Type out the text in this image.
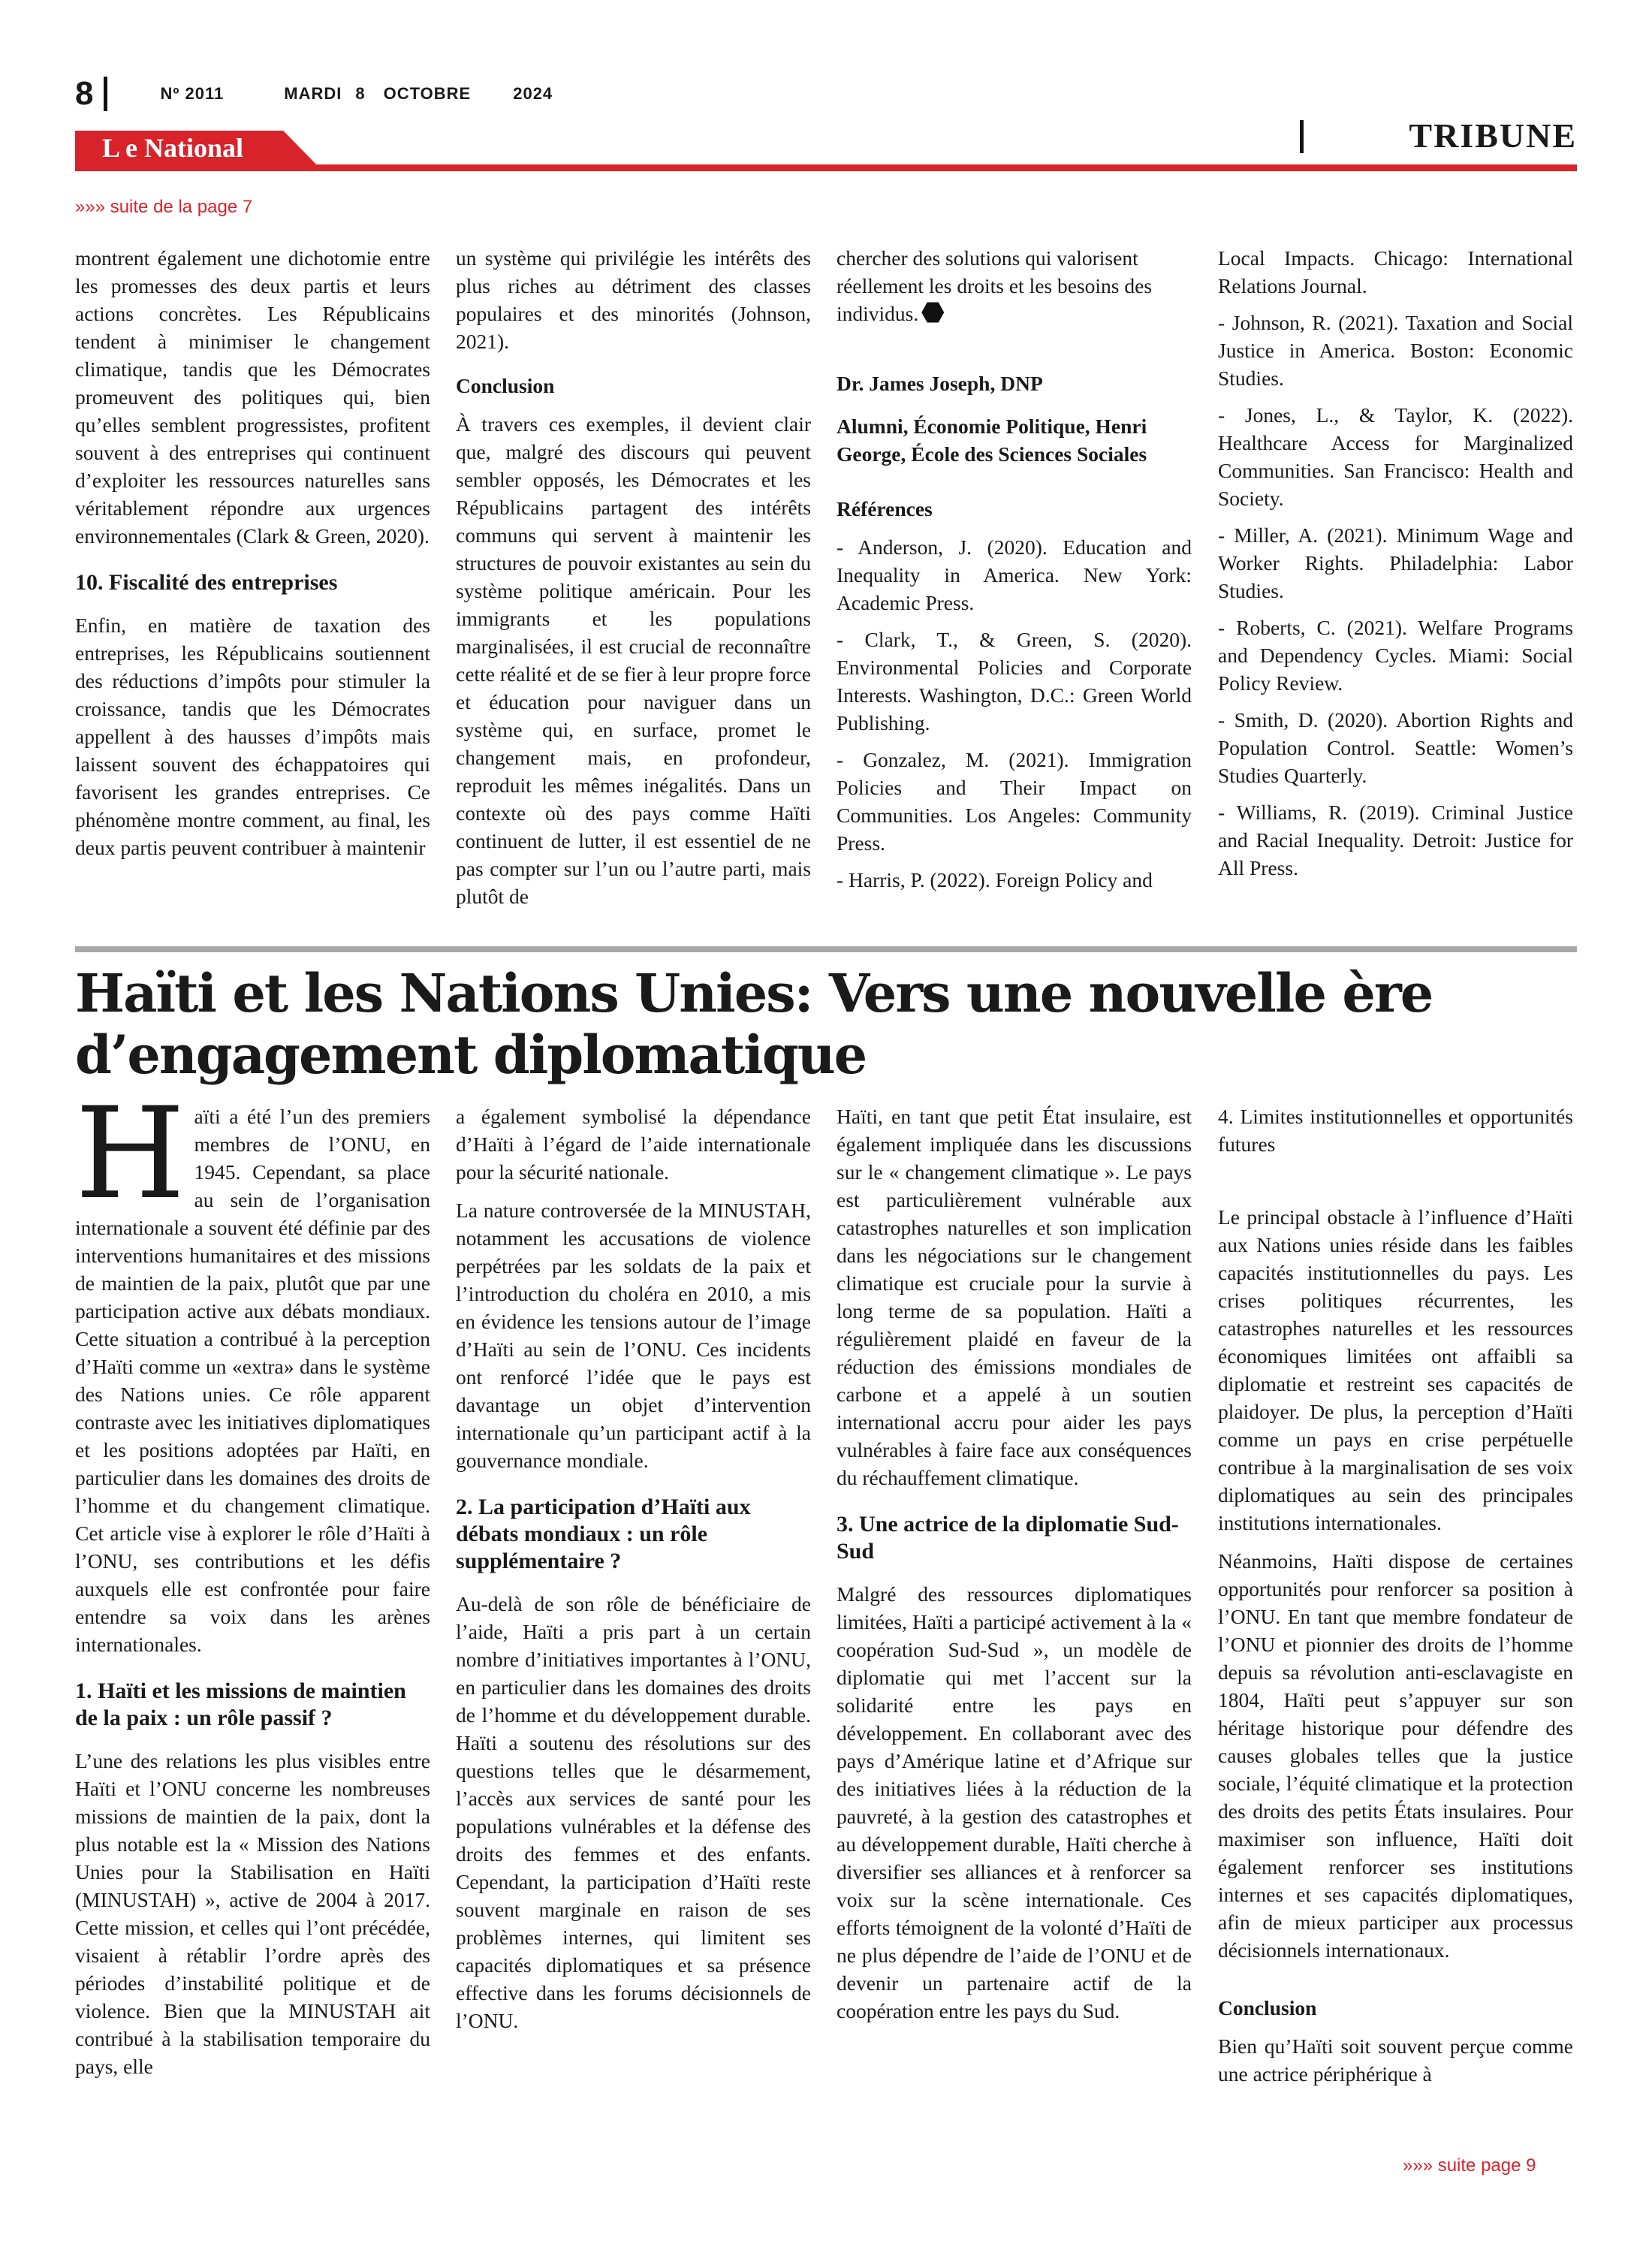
8	Nº 2011	MARDI 8 OCTOBRE	2024
L e National	TRIBUNE
»»» suite de la page 7

montrent également une dichotomie entre les promesses des deux partis et leurs actions concrètes. Les Républicains tendent à minimiser le changement climatique, tandis que les Démocrates promeuvent des politiques qui, bien qu’elles semblent progressistes, profitent souvent à des entreprises qui continuent d’exploiter les ressources naturelles sans véritablement répondre aux urgences environnementales (Clark & Green, 2020).

10. Fiscalité des entreprises

Enfin, en matière de taxation des entreprises, les Républicains soutiennent des réductions d’impôts pour stimuler la croissance, tandis que les Démocrates appellent à des hausses d’impôts mais laissent souvent des échappatoires qui favorisent les grandes entreprises. Ce phénomène montre comment, au final, les deux partis peuvent contribuer à maintenir

un système qui privilégie les intérêts des plus riches au détriment des classes populaires et des minorités (Johnson, 2021).

Conclusion

À travers ces exemples, il devient clair que, malgré des discours qui peuvent sembler opposés, les Démocrates et les Républicains partagent des intérêts communs qui servent à maintenir les structures de pouvoir existantes au sein du système politique américain. Pour les immigrants et les populations marginalisées, il est crucial de reconnaître cette réalité et de se fier à leur propre force et éducation pour naviguer dans un système qui, en surface, promet le changement mais, en profondeur, reproduit les mêmes inégalités. Dans un contexte où des pays comme Haïti continuent de lutter, il est essentiel de ne pas compter sur l’un ou l’autre parti, mais plutôt de

chercher des solutions qui valorisent réellement les droits et les besoins des individus.

Dr. James Joseph, DNP

Alumni, Économie Politique, Henri George, École des Sciences Sociales

Références

- Anderson, J. (2020). Education and Inequality in America. New York: Academic Press.

- Clark, T., & Green, S. (2020). Environmental Policies and Corporate Interests. Washington, D.C.: Green World Publishing.

- Gonzalez, M. (2021). Immigration Policies and Their Impact on Communities. Los Angeles: Community Press.

- Harris, P. (2022). Foreign Policy and

Local Impacts. Chicago: International Relations Journal.

- Johnson, R. (2021). Taxation and Social Justice in America. Boston: Economic Studies.

- Jones, L., & Taylor, K. (2022). Healthcare Access for Marginalized Communities. San Francisco: Health and Society.

- Miller, A. (2021). Minimum Wage and Worker Rights. Philadelphia: Labor Studies.

- Roberts, C. (2021). Welfare Programs and Dependency Cycles. Miami: Social Policy Review.

- Smith, D. (2020). Abortion Rights and Population Control. Seattle: Women’s Studies Quarterly.

- Williams, R. (2019). Criminal Justice and Racial Inequality. Detroit: Justice for All Press.

Haïti et les Nations Unies: Vers une nouvelle ère d’engagement diplomatique

Haïti a été l’un des premiers membres de l’ONU, en 1945. Cependant, sa place au sein de l’organisation internationale a souvent été définie par des interventions humanitaires et des missions de maintien de la paix, plutôt que par une participation active aux débats mondiaux. Cette situation a contribué à la perception d’Haïti comme un «extra» dans le système des Nations unies. Ce rôle apparent contraste avec les initiatives diplomatiques et les positions adoptées par Haïti, en particulier dans les domaines des droits de l’homme et du changement climatique. Cet article vise à explorer le rôle d’Haïti à l’ONU, ses contributions et les défis auxquels elle est confrontée pour faire entendre sa voix dans les arènes internationales.

1. Haïti et les missions de maintien de la paix : un rôle passif ?

L’une des relations les plus visibles entre Haïti et l’ONU concerne les nombreuses missions de maintien de la paix, dont la plus notable est la « Mission des Nations Unies pour la Stabilisation en Haïti (MINUSTAH) », active de 2004 à 2017. Cette mission, et celles qui l’ont précédée, visaient à rétablir l’ordre après des périodes d’instabilité politique et de violence. Bien que la MINUSTAH ait contribué à la stabilisation temporaire du pays, elle

a également symbolisé la dépendance d’Haïti à l’égard de l’aide internationale pour la sécurité nationale.

La nature controversée de la MINUSTAH, notamment les accusations de violence perpétrées par les soldats de la paix et l’introduction du choléra en 2010, a mis en évidence les tensions autour de l’image d’Haïti au sein de l’ONU. Ces incidents ont renforcé l’idée que le pays est davantage un objet d’intervention internationale qu’un participant actif à la gouvernance mondiale.

2. La participation d’Haïti aux débats mondiaux : un rôle supplémentaire ?

Au-delà de son rôle de bénéficiaire de l’aide, Haïti a pris part à un certain nombre d’initiatives importantes à l’ONU, en particulier dans les domaines des droits de l’homme et du développement durable. Haïti a soutenu des résolutions sur des questions telles que le désarmement, l’accès aux services de santé pour les populations vulnérables et la défense des droits des femmes et des enfants. Cependant, la participation d’Haïti reste souvent marginale en raison de ses problèmes internes, qui limitent ses capacités diplomatiques et sa présence effective dans les forums décisionnels de l’ONU.

Haïti, en tant que petit État insulaire, est également impliquée dans les discussions sur le « changement climatique ». Le pays est particulièrement vulnérable aux catastrophes naturelles et son implication dans les négociations sur le changement climatique est cruciale pour la survie à long terme de sa population. Haïti a régulièrement plaidé en faveur de la réduction des émissions mondiales de carbone et a appelé à un soutien international accru pour aider les pays vulnérables à faire face aux conséquences du réchauffement climatique.

3. Une actrice de la diplomatie Sud-Sud

Malgré des ressources diplomatiques limitées, Haïti a participé activement à la « coopération Sud-Sud », un modèle de diplomatie qui met l’accent sur la solidarité entre les pays en développement. En collaborant avec des pays d’Amérique latine et d’Afrique sur des initiatives liées à la réduction de la pauvreté, à la gestion des catastrophes et au développement durable, Haïti cherche à diversifier ses alliances et à renforcer sa voix sur la scène internationale. Ces efforts témoignent de la volonté d’Haïti de ne plus dépendre de l’aide de l’ONU et de devenir un partenaire actif de la coopération entre les pays du Sud.

4. Limites institutionnelles et opportunités futures

Le principal obstacle à l’influence d’Haïti aux Nations unies réside dans les faibles capacités institutionnelles du pays. Les crises politiques récurrentes, les catastrophes naturelles et les ressources économiques limitées ont affaibli sa diplomatie et restreint ses capacités de plaidoyer. De plus, la perception d’Haïti comme un pays en crise perpétuelle contribue à la marginalisation de ses voix diplomatiques au sein des principales institutions internationales.

Néanmoins, Haïti dispose de certaines opportunités pour renforcer sa position à l’ONU. En tant que membre fondateur de l’ONU et pionnier des droits de l’homme depuis sa révolution anti-esclavagiste en 1804, Haïti peut s’appuyer sur son héritage historique pour défendre des causes globales telles que la justice sociale, l’équité climatique et la protection des droits des petits États insulaires. Pour maximiser son influence, Haïti doit également renforcer ses institutions internes et ses capacités diplomatiques, afin de mieux participer aux processus décisionnels internationaux.

Conclusion

Bien qu’Haïti soit souvent perçue comme une actrice périphérique à

»»» suite page 9
